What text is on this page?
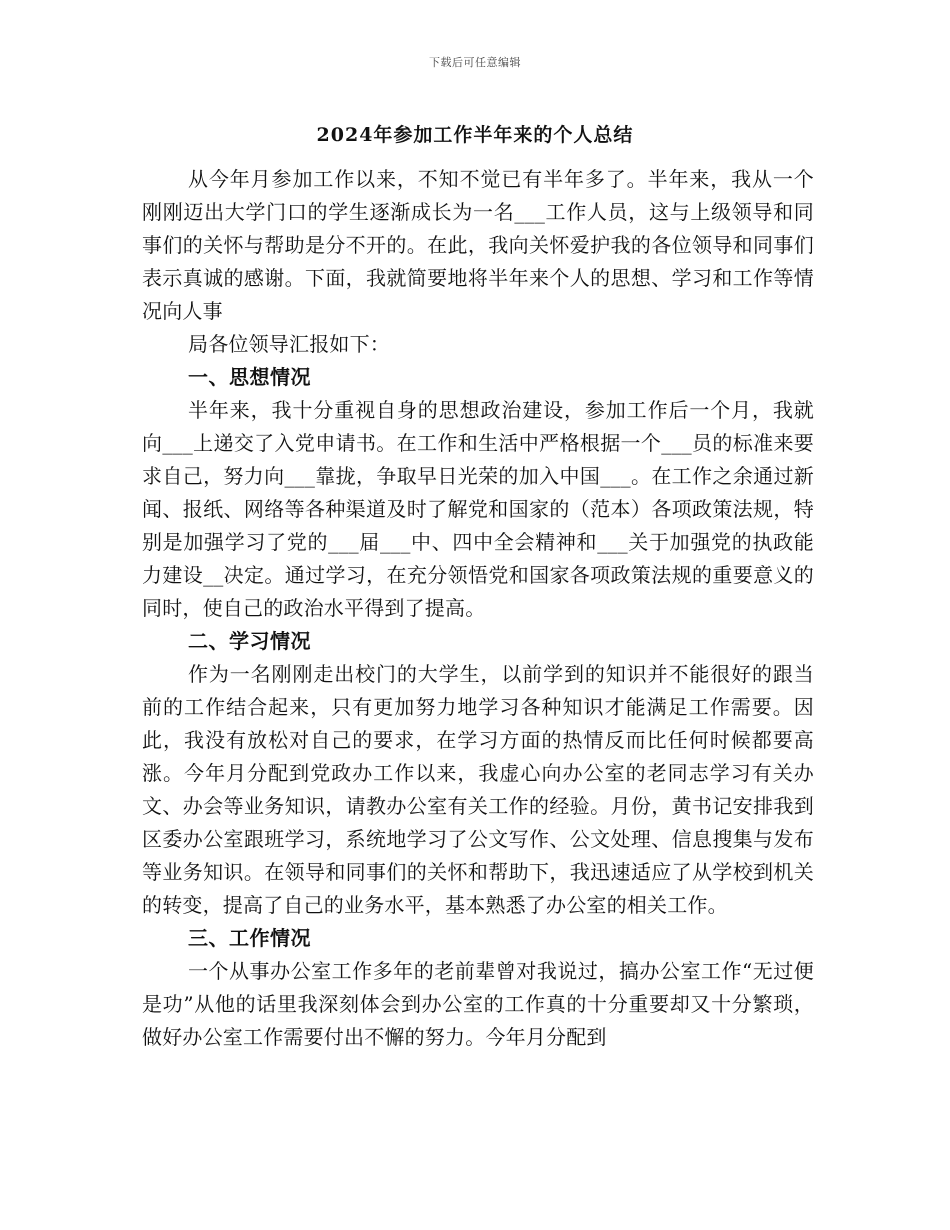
下载后可任意编辑
2024年参加工作半年来的个人总结

从今年月参加工作以来，不知不觉已有半年多了。半年来，我从一个刚刚迈出大学门口的学生逐渐成长为一名___工作人员，这与上级领导和同事们的关怀与帮助是分不开的。在此，我向关怀爱护我的各位领导和同事们表示真诚的感谢。下面，我就简要地将半年来个人的思想、学习和工作等情况向人事

局各位领导汇报如下：

一、思想情况

半年来，我十分重视自身的思想政治建设，参加工作后一个月，我就向___上递交了入党申请书。在工作和生活中严格根据一个___员的标准来要求自己，努力向___靠拢，争取早日光荣的加入中国___。在工作之余通过新闻、报纸、网络等各种渠道及时了解党和国家的（范本）各项政策法规，特别是加强学习了党的___届___中、四中全会精神和___关于加强党的执政能力建设__决定。通过学习，在充分领悟党和国家各项政策法规的重要意义的同时，使自己的政治水平得到了提高。

二、学习情况

作为一名刚刚走出校门的大学生，以前学到的知识并不能很好的跟当前的工作结合起来，只有更加努力地学习各种知识才能满足工作需要。因此，我没有放松对自己的要求，在学习方面的热情反而比任何时候都要高涨。今年月分配到党政办工作以来，我虚心向办公室的老同志学习有关办文、办会等业务知识，请教办公室有关工作的经验。月份，黄书记安排我到区委办公室跟班学习，系统地学习了公文写作、公文处理、信息搜集与发布等业务知识。在领导和同事们的关怀和帮助下，我迅速适应了从学校到机关的转变，提高了自己的业务水平，基本熟悉了办公室的相关工作。

三、工作情况

一个从事办公室工作多年的老前辈曾对我说过，搞办公室工作“无过便是功”从他的话里我深刻体会到办公室的工作真的十分重要却又十分繁琐，做好办公室工作需要付出不懈的努力。今年月分配到
